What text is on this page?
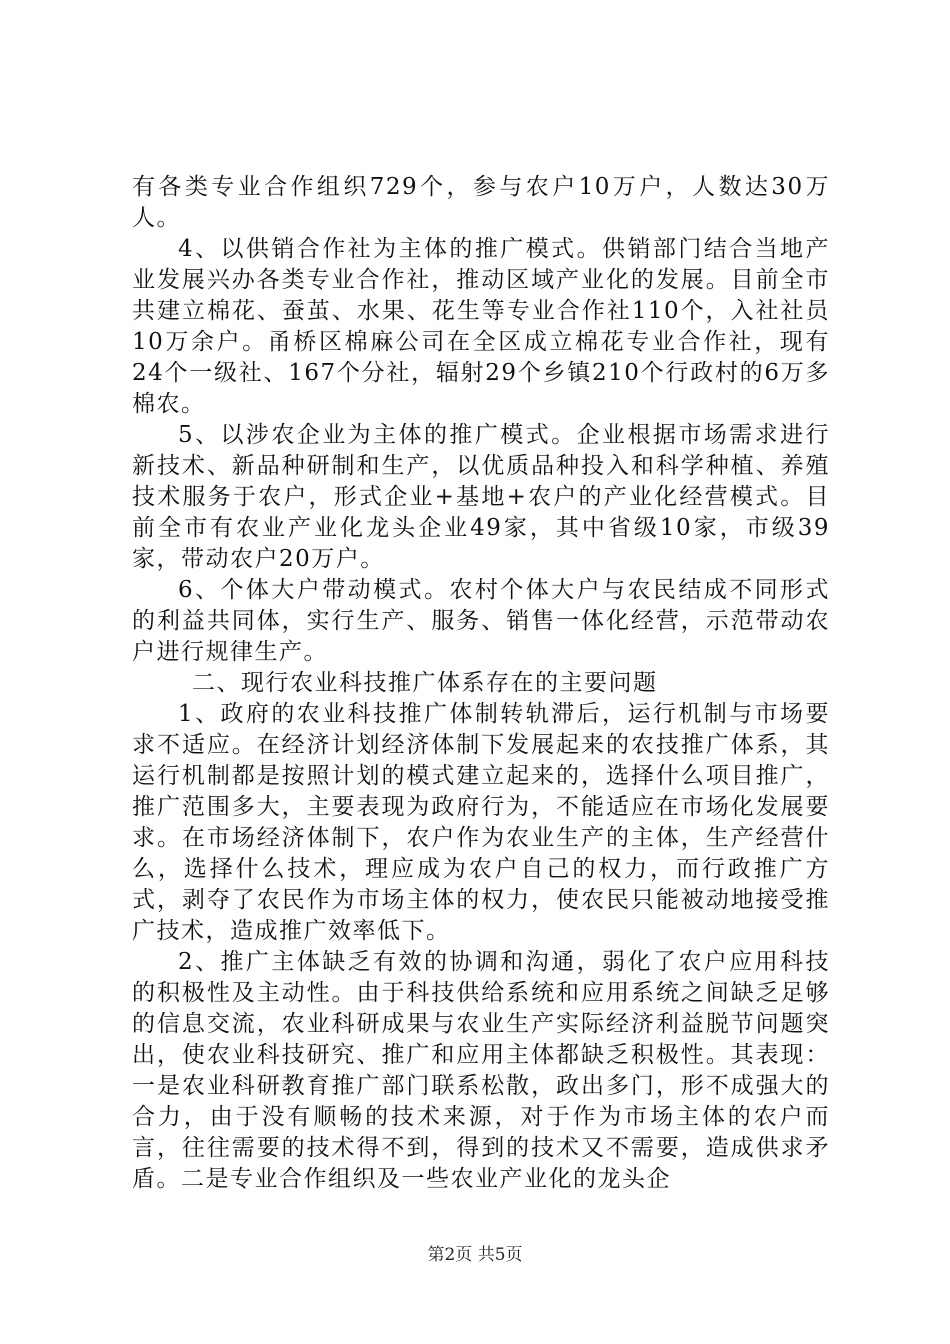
有各类专业合作组织729个，参与农户10万户，人数达30万人。

4、以供销合作社为主体的推广模式。供销部门结合当地产业发展兴办各类专业合作社，推动区域产业化的发展。目前全市共建立棉花、蚕茧、水果、花生等专业合作社110个，入社社员10万余户。甬桥区棉麻公司在全区成立棉花专业合作社，现有24个一级社、167个分社，辐射29个乡镇210个行政村的6万多棉农。

5、以涉农企业为主体的推广模式。企业根据市场需求进行新技术、新品种研制和生产，以优质品种投入和科学种植、养殖技术服务于农户，形式企业+基地+农户的产业化经营模式。目前全市有农业产业化龙头企业49家，其中省级10家，市级39家，带动农户20万户。

6、个体大户带动模式。农村个体大户与农民结成不同形式的利益共同体，实行生产、服务、销售一体化经营，示范带动农户进行规律生产。

二、现行农业科技推广体系存在的主要问题

1、政府的农业科技推广体制转轨滞后，运行机制与市场要求不适应。在经济计划经济体制下发展起来的农技推广体系，其运行机制都是按照计划的模式建立起来的，选择什么项目推广，推广范围多大，主要表现为政府行为，不能适应在市场化发展要求。在市场经济体制下，农户作为农业生产的主体，生产经营什么，选择什么技术，理应成为农户自己的权力，而行政推广方式，剥夺了农民作为市场主体的权力，使农民只能被动地接受推广技术，造成推广效率低下。

2、推广主体缺乏有效的协调和沟通，弱化了农户应用科技的积极性及主动性。由于科技供给系统和应用系统之间缺乏足够的信息交流，农业科研成果与农业生产实际经济利益脱节问题突出，使农业科技研究、推广和应用主体都缺乏积极性。其表现：一是农业科研教育推广部门联系松散，政出多门，形不成强大的合力，由于没有顺畅的技术来源，对于作为市场主体的农户而言，往往需要的技术得不到，得到的技术又不需要，造成供求矛盾。二是专业合作组织及一些农业产业化的龙头企

第2页 共5页
